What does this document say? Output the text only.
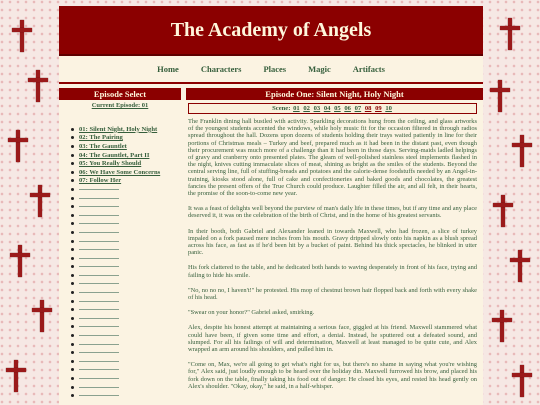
The Academy of Angels
Home	Characters	Places	Magic	Artifacts
Episode Select
Current Episode: 01
01: Silent Night, Holy Night
02: The Pairing
03: The Gauntlet
04: The Gauntlet, Part II
05: You Really Should
06: We Have Some Concerns
07: Follow Her
Episode One: Silent Night, Holy Night
Scene: 01 02 03 04 05 06 07 08 09 10

The Franklin dining hall bustled with activity. Sparkling decorations hung from the ceiling, and glass artworks of the youngest students accented the windows, while holy music fit for the occasion filtered in through radios spread throughout the hall. Dozens upon dozens of students holding their trays waited patiently in line for their portions of Christmas meals – Turkey and beef, prepared much as it had been in the distant past, even though their procurement was much more of a challenge than it had been in those days. Serving-maids ladled helpings of gravy and cranberry onto presented plates. The gleam of well-polished stainless steel implements flashed in the night, knives cutting immaculate slices of meat, shining as bright as the smiles of the students. Beyond the central serving line, full of stuffing-breads and potatoes and the calorie-dense foodstuffs needed by an Angel-in-training, kiosks stood alone, full of cake and confectioneries and baked goods and chocolates, the greatest fancies the present offers of the True Church could produce. Laughter filled the air, and all felt, in their hearts, the promise of the soon-to-come new year.

It was a feast of delights well beyond the purview of man's daily life in these times, but if any time and any place deserved it, it was on the celebration of the birth of Christ, and in the home of his greatest servants.

In their booth, both Gabriel and Alexander leaned in towards Maxwell, who had frozen, a slice of turkey impaled on a fork paused mere inches from his mouth. Gravy dripped slowly onto his napkin as a blush spread across his face, as fast as if he'd been hit by a bucket of paint. Behind his thick spectacles, he blinked in utter panic.

His fork clattered to the table, and he dedicated both hands to waving desperately in front of his face, trying and failing to hide his smile.

"No, no no no, I haven't!" he protested. His mop of chestnut brown hair flopped back and forth with every shake of his head.

"Swear on your honor?" Gabriel asked, smirking.

Alex, despite his honest attempt at maintaining a serious face, giggled at his friend. Maxwell stammered what could have been, if given some time and effort, a denial. Instead, he sputtered out a defeated sound, and slumped. For all his failings of will and determination, Maxwell at least managed to be quite cute, and Alex wrapped an arm around his shoulders, and pulled him in.

"Come on, Max, we're all going to get what's right for us, but there's no shame in saying what you're wishing for," Alex said, just loudly enough to be heard over the holiday din. Maxwell furrowed his brow, and placed his fork down on the table, finally taking his food out of danger. He closed his eyes, and rested his head gently on Alex's shoulder. "Okay, okay," he said, in a half-whisper.
